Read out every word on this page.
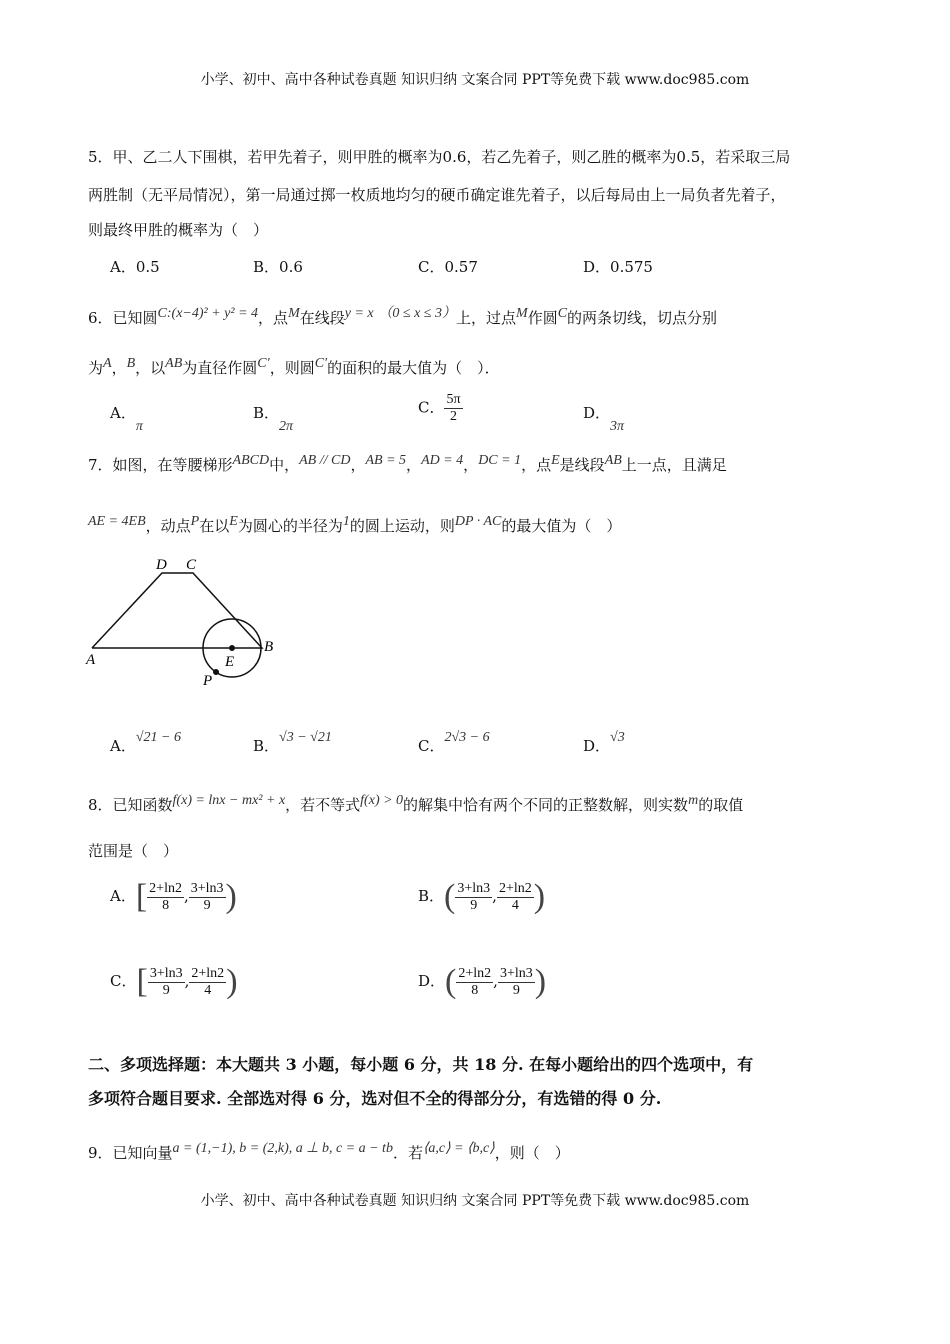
小学、初中、高中各种试卷真题 知识归纳 文案合同 PPT等免费下载 www.doc985.com
5．甲、乙二人下围棋，若甲先着子，则甲胜的概率为0.6，若乙先着子，则乙胜的概率为0.5，若采取三局
两胜制（无平局情况），第一局通过掷一枚质地均匀的硬币确定谁先着子，以后每局由上一局负者先着子，
则最终甲胜的概率为（　）
A．0.5	B．0.6	C．0.57	D．0.575
6．已知圆C:(x−4)² + y² = 4，点M在线段y = x （0 ≤ x ≤ 3）上，过点M作圆C的两条切线，切点分别
为A，B，以AB为直径作圆C′，则圆C′的面积的最大值为（　）．
A．π
B．2π
C． $\frac{5\pi}{2}$	D．3π
7．如图，在等腰梯形ABCD中，AB // CD，AB = 5，AD = 4，DC = 1，点E是线段AB上一点，且满足
AE = 4EB，动点P在以E为圆心的半径为1的圆上运动，则DP · AC的最大值为（　）
A
B
C
D
E
P
A．√21 − 6	B．√3 − √21	C．2√3 − 6	D．√3
8．已知函数f(x) = lnx − mx² + x，若不等式f(x) > 0的解集中恰有两个不同的正整数解，则实数m的取值
范围是（　）
A．[ $\frac{2+\ln 2}{8}$ , $\frac{3+\ln 3}{9}$ )	B．( $\frac{3+\ln 3}{9}$ , $\frac{2+\ln 2}{4}$ )
C．[ $\frac{3+\ln 3}{9}$ , $\frac{2+\ln 2}{4}$ )	D．( $\frac{2+\ln 2}{8}$ , $\frac{3+\ln 3}{9}$ )
二、多项选择题：本大题共 3 小题，每小题 6 分，共 18 分. 在每小题给出的四个选项中，有
多项符合题目要求. 全部选对得 6 分，选对但不全的得部分分，有选错的得 0 分.
9．已知向量a = (1,−1), b = (2,k), a ⊥ b, c = a − tb．若⟨a,c⟩ = ⟨b,c⟩，则（　）
小学、初中、高中各种试卷真题 知识归纳 文案合同 PPT等免费下载 www.doc985.com
